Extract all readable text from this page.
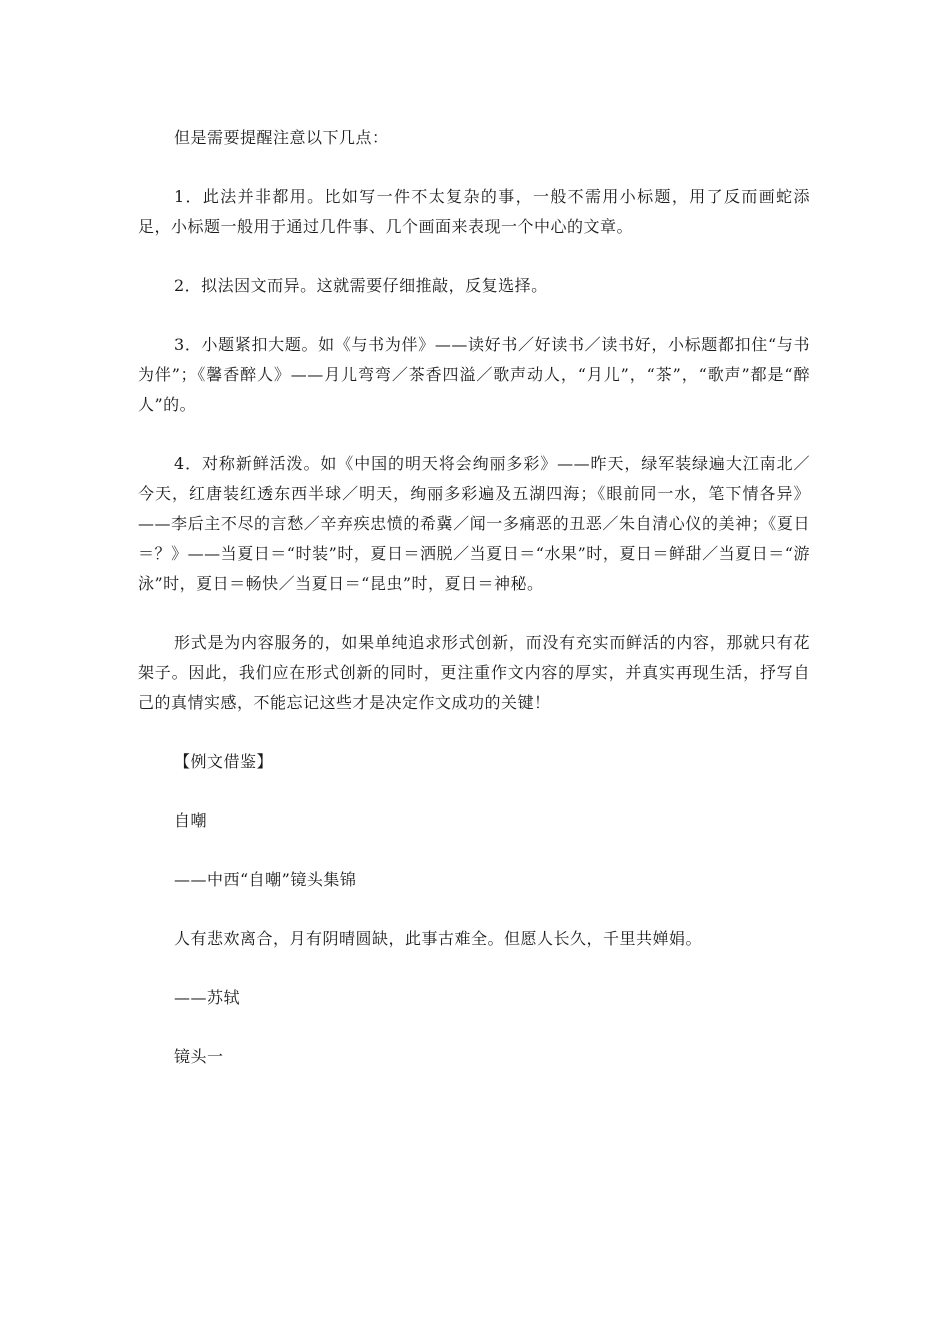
但是需要提醒注意以下几点：

1．此法并非都用。比如写一件不太复杂的事，一般不需用小标题，用了反而画蛇添足，小标题一般用于通过几件事、几个画面来表现一个中心的文章。

2．拟法因文而异。这就需要仔细推敲，反复选择。

3．小题紧扣大题。如《与书为伴》——读好书／好读书／读书好，小标题都扣住“与书为伴”；《馨香醉人》——月儿弯弯／茶香四溢／歌声动人，“月儿”，“茶”，“歌声”都是“醉人”的。

4．对称新鲜活泼。如《中国的明天将会绚丽多彩》——昨天，绿军装绿遍大江南北／今天，红唐装红透东西半球／明天，绚丽多彩遍及五湖四海；《眼前同一水，笔下情各异》——李后主不尽的言愁／辛弃疾忠愤的希冀／闻一多痛恶的丑恶／朱自清心仪的美神；《夏日＝？》——当夏日＝“时装”时，夏日＝洒脱／当夏日＝“水果”时，夏日＝鲜甜／当夏日＝“游泳”时，夏日＝畅快／当夏日＝“昆虫”时，夏日＝神秘。

形式是为内容服务的，如果单纯追求形式创新，而没有充实而鲜活的内容，那就只有花架子。因此，我们应在形式创新的同时，更注重作文内容的厚实，并真实再现生活，抒写自己的真情实感，不能忘记这些才是决定作文成功的关键！

【例文借鉴】

自嘲

——中西“自嘲”镜头集锦

人有悲欢离合，月有阴晴圆缺，此事古难全。但愿人长久，千里共婵娟。

——苏轼

镜头一
